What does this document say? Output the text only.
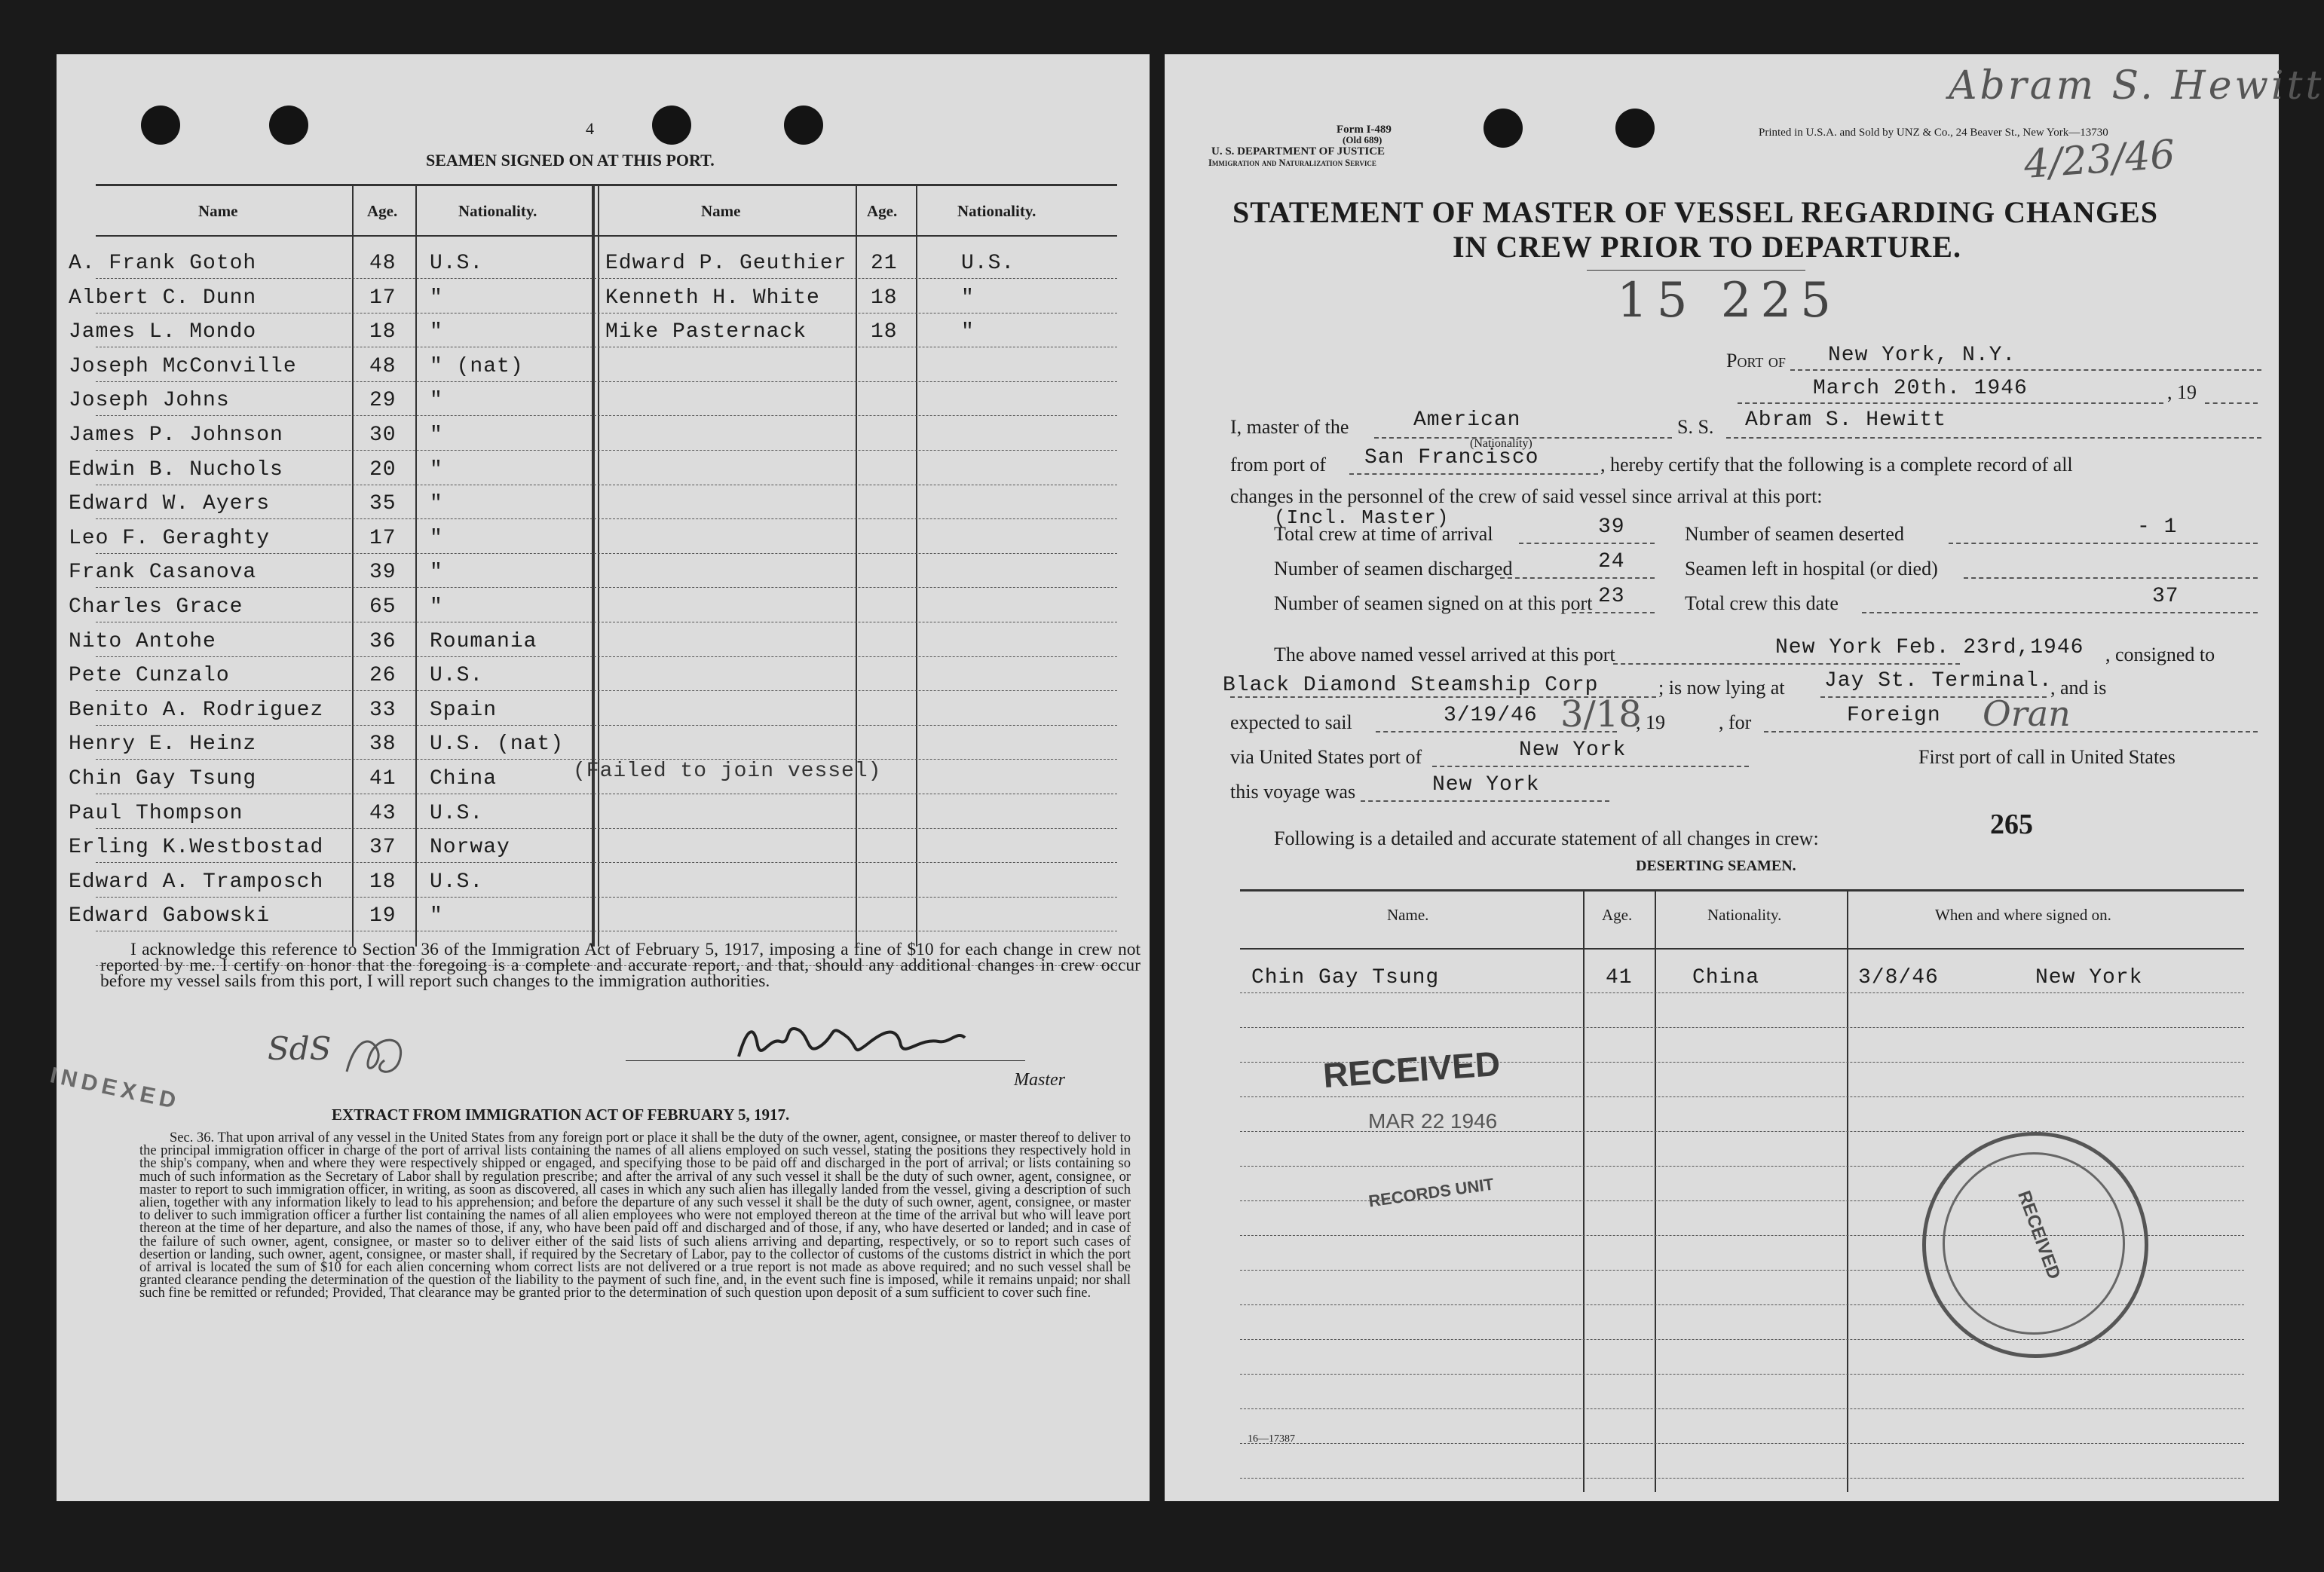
4
SEAMEN SIGNED ON AT THIS PORT.
Name	Age.	Nationality.	Name	Age.	Nationality.
A. Frank Gotoh	48 U.S.
Albert C. Dunn	17 "
James L. Mondo	18 "
Joseph McConville	48 " (nat)
Joseph Johns	29 "
James P. Johnson	30 "
Edwin B. Nuchols	20 "
Edward W. Ayers	35 "
Leo F. Geraghty	17 "
Frank Casanova	39 "
Charles Grace	65 "
Nito Antohe	36 Roumania
Pete Cunzalo	26 U.S.
Benito A. Rodriguez 33 Spain
Henry E. Heinz	38 U.S. (nat)
Chin Gay Tsung	41 China
Paul Thompson	43 U.S.
Erling K.Westbostad 37 Norway
Edward A. Tramposch 18 U.S.
Edward Gabowski	19 "
Edward P. Geuthier 21	U.S.
Kenneth H. White 18	"
Mike Pasternack	18	"
(Failed to join vessel)
I acknowledge this reference to Section 36 of the Immigration Act of February 5, 1917, imposing a fine of $10 for each change in crew not reported by me. I certify on honor that the foregoing is a complete and accurate report, and that, should any additional changes in crew occur before my vessel sails from this port, I will report such changes to the immigration authorities.
SdS
Master
INDEXED
EXTRACT FROM IMMIGRATION ACT OF FEBRUARY 5, 1917.
Sec. 36. That upon arrival of any vessel in the United States from any foreign port or place it shall be the duty of the owner, agent, consignee, or master thereof to deliver to the principal immigration officer in charge of the port of arrival lists containing the names of all aliens employed on such vessel, stating the positions they respectively hold in the ship's company, when and where they were respectively shipped or engaged, and specifying those to be paid off and discharged in the port of arrival; or lists containing so much of such information as the Secretary of Labor shall by regulation prescribe; and after the arrival of any such vessel it shall be the duty of such owner, agent, consignee, or master to report to such immigration officer, in writing, as soon as discovered, all cases in which any such alien has illegally landed from the vessel, giving a description of such alien, together with any information likely to lead to his apprehension; and before the departure of any such vessel it shall be the duty of such owner, agent, consignee, or master to deliver to such immigration officer a further list containing the names of all alien employees who were not employed thereon at the time of the arrival but who will leave port thereon at the time of her departure, and also the names of those, if any, who have been paid off and discharged and of those, if any, who have deserted or landed; and in case of the failure of such owner, agent, consignee, or master so to deliver either of the said lists of such aliens arriving and departing, respectively, or so to report such cases of desertion or landing, such owner, agent, consignee, or master shall, if required by the Secretary of Labor, pay to the collector of customs of the customs district in which the port of arrival is located the sum of $10 for each alien concerning whom correct lists are not delivered or a true report is not made as above required; and no such vessel shall be granted clearance pending the determination of the question of the liability to the payment of such fine, and, in the event such fine is imposed, while it remains unpaid; nor shall such fine be remitted or refunded; Provided, That clearance may be granted prior to the determination of such question upon deposit of a sum sufficient to cover such fine.
Form I-489
(Old 689)
U. S. DEPARTMENT OF JUSTICE
Immigration and Naturalization Service
Printed in U.S.A. and Sold by UNZ & Co., 24 Beaver St., New York—13730
Abram S. Hewitt
4/23/46
STATEMENT OF MASTER OF VESSEL REGARDING CHANGES
IN CREW PRIOR TO DEPARTURE.
15 225
Port of New York, N.Y.
March 20th. 1946	, 19
I, master of the	American
(Nationality)
S. S. Abram S. Hewitt
from port of San Francisco	, hereby certify that the following is a complete record of all
changes in the personnel of the crew of said vessel since arrival at this port:
(Incl. Master)
Total crew at time of arrival	39	Number of seamen deserted	- 1
Number of seamen discharged	24	Seamen left in hospital (or died)
Number of seamen signed on at this port 23	Total crew this date	37
The above named vessel arrived at this port	New York Feb. 23rd,1946 , consigned to
Black Diamond Steamship Corp	; is now lying at Jay St. Terminal.
, and is
expected to sail	3/19/46 3/18
, 19	, for	Foreign Oran
via United States port of	New York	First port of call in United States
this voyage was	New York
Following is a detailed and accurate statement of all changes in crew:	265
DESERTING SEAMEN.
Name.	Age.	Nationality.	When and where signed on.
Chin Gay Tsung	41	China	3/8/46	New York
RECEIVED
MAR 22 1946
RECORDS UNIT	RECEIVED
16—17387
